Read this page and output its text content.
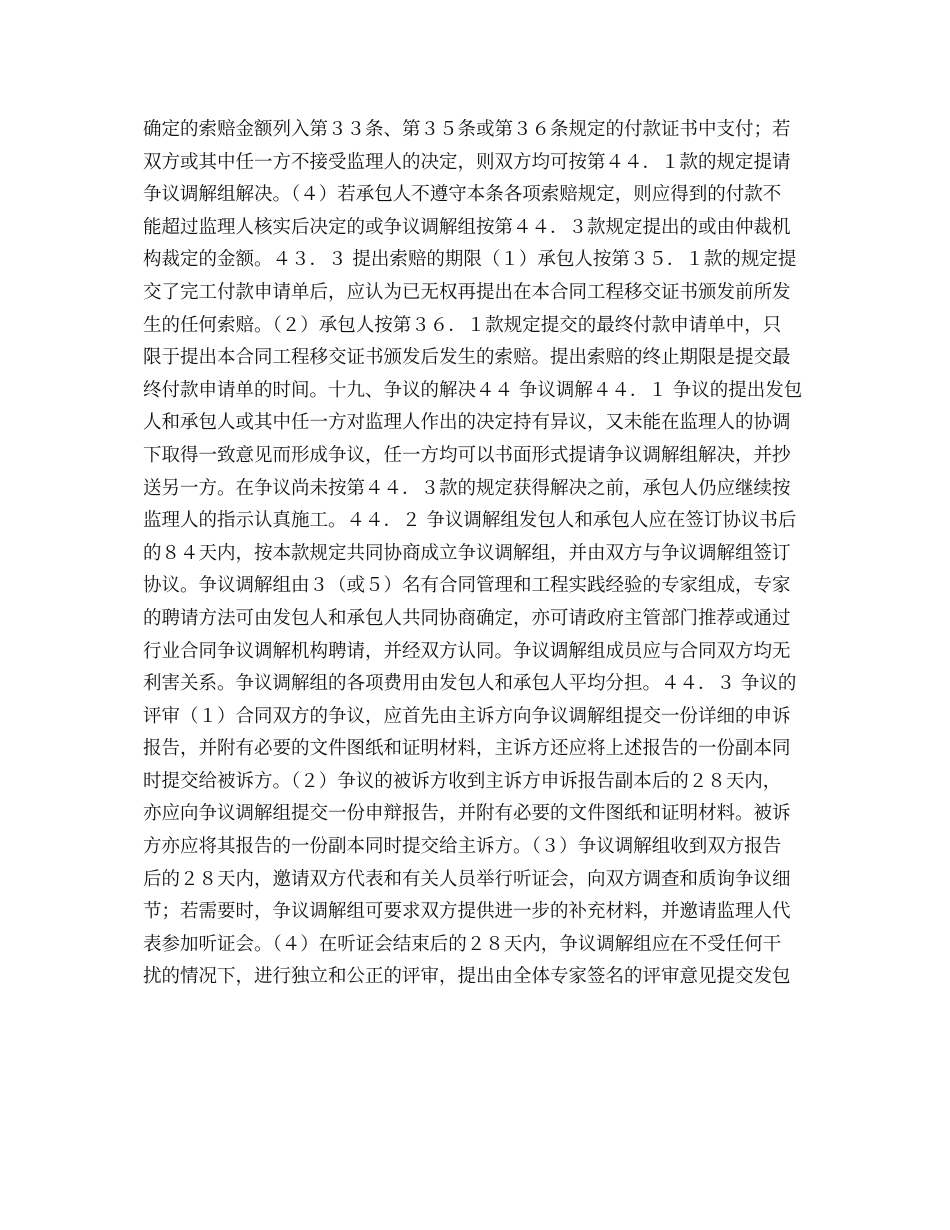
确定的索赔金额列入第３３条、第３５条或第３６条规定的付款证书中支付；若
双方或其中任一方不接受监理人的决定，则双方均可按第４４．１款的规定提请
争议调解组解决。（４）若承包人不遵守本条各项索赔规定，则应得到的付款不
能超过监理人核实后决定的或争议调解组按第４４．３款规定提出的或由仲裁机
构裁定的金额。４３．３ 提出索赔的期限（１）承包人按第３５．１款的规定提
交了完工付款申请单后，应认为已无权再提出在本合同工程移交证书颁发前所发
生的任何索赔。（２）承包人按第３６．１款规定提交的最终付款申请单中，只
限于提出本合同工程移交证书颁发后发生的索赔。提出索赔的终止期限是提交最
终付款申请单的时间。十九、争议的解决４４ 争议调解４４．１ 争议的提出发包
人和承包人或其中任一方对监理人作出的决定持有异议，又未能在监理人的协调
下取得一致意见而形成争议，任一方均可以书面形式提请争议调解组解决，并抄
送另一方。在争议尚未按第４４．３款的规定获得解决之前，承包人仍应继续按
监理人的指示认真施工。４４．２ 争议调解组发包人和承包人应在签订协议书后
的８４天内，按本款规定共同协商成立争议调解组，并由双方与争议调解组签订
协议。争议调解组由３（或５）名有合同管理和工程实践经验的专家组成，专家
的聘请方法可由发包人和承包人共同协商确定，亦可请政府主管部门推荐或通过
行业合同争议调解机构聘请，并经双方认同。争议调解组成员应与合同双方均无
利害关系。争议调解组的各项费用由发包人和承包人平均分担。４４．３ 争议的
评审（１）合同双方的争议，应首先由主诉方向争议调解组提交一份详细的申诉
报告，并附有必要的文件图纸和证明材料，主诉方还应将上述报告的一份副本同
时提交给被诉方。（２）争议的被诉方收到主诉方申诉报告副本后的２８天内，
亦应向争议调解组提交一份申辩报告，并附有必要的文件图纸和证明材料。被诉
方亦应将其报告的一份副本同时提交给主诉方。（３）争议调解组收到双方报告
后的２８天内，邀请双方代表和有关人员举行听证会，向双方调查和质询争议细
节；若需要时，争议调解组可要求双方提供进一步的补充材料，并邀请监理人代
表参加听证会。（４）在听证会结束后的２８天内，争议调解组应在不受任何干
扰的情况下，进行独立和公正的评审，提出由全体专家签名的评审意见提交发包
